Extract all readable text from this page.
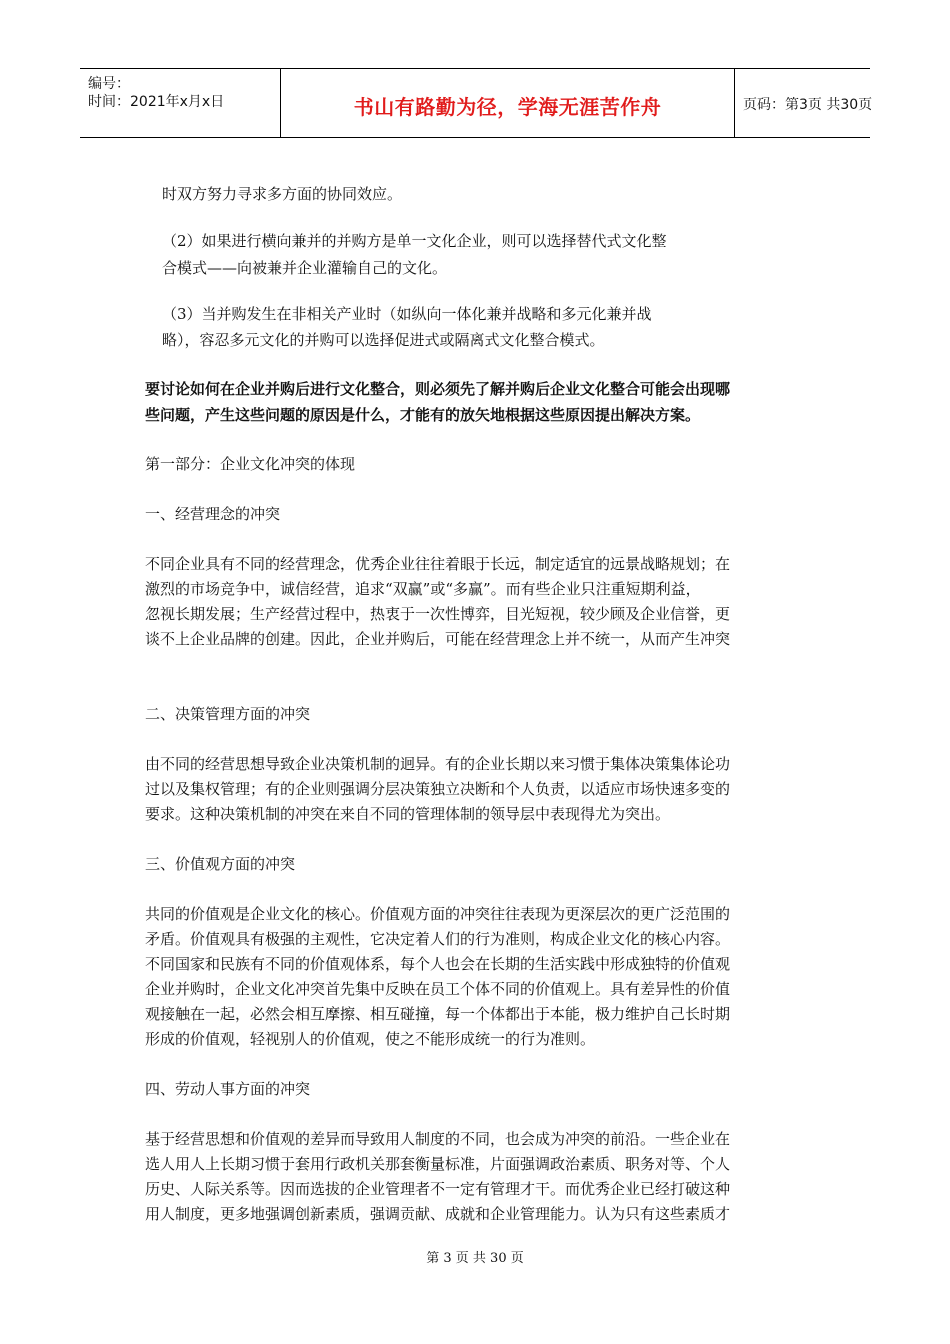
编号：
时间：2021年x月x日	书山有路勤为径，学海无涯苦作舟	页码：第3页 共30页
时双方努力寻求多方面的协同效应。
（2）如果进行横向兼并的并购方是单一文化企业，则可以选择替代式文化整
合模式——向被兼并企业灌输自己的文化。
（3）当并购发生在非相关产业时（如纵向一体化兼并战略和多元化兼并战
略），容忍多元文化的并购可以选择促进式或隔离式文化整合模式。
要讨论如何在企业并购后进行文化整合，则必须先了解并购后企业文化整合可能会出现哪
些问题，产生这些问题的原因是什么，才能有的放矢地根据这些原因提出解决方案。
第一部分：企业文化冲突的体现
一、经营理念的冲突
不同企业具有不同的经营理念，优秀企业往往着眼于长远，制定适宜的远景战略规划；在
激烈的市场竞争中，诚信经营，追求“双赢”或“多赢”。而有些企业只注重短期利益，
忽视长期发展；生产经营过程中，热衷于一次性博弈，目光短视，较少顾及企业信誉，更
谈不上企业品牌的创建。因此，企业并购后，可能在经营理念上并不统一，从而产生冲突
二、决策管理方面的冲突
由不同的经营思想导致企业决策机制的迥异。有的企业长期以来习惯于集体决策集体论功
过以及集权管理；有的企业则强调分层决策独立决断和个人负责，以适应市场快速多变的
要求。这种决策机制的冲突在来自不同的管理体制的领导层中表现得尤为突出。
三、价值观方面的冲突
共同的价值观是企业文化的核心。价值观方面的冲突往往表现为更深层次的更广泛范围的
矛盾。价值观具有极强的主观性，它决定着人们的行为准则，构成企业文化的核心内容。
不同国家和民族有不同的价值观体系，每个人也会在长期的生活实践中形成独特的价值观
企业并购时，企业文化冲突首先集中反映在员工个体不同的价值观上。具有差异性的价值
观接触在一起，必然会相互摩擦、相互碰撞，每一个体都出于本能，极力维护自己长时期
形成的价值观，轻视别人的价值观，使之不能形成统一的行为准则。
四、劳动人事方面的冲突
基于经营思想和价值观的差异而导致用人制度的不同，也会成为冲突的前沿。一些企业在
选人用人上长期习惯于套用行政机关那套衡量标准，片面强调政治素质、职务对等、个人
历史、人际关系等。因而选拔的企业管理者不一定有管理才干。而优秀企业已经打破这种
用人制度，更多地强调创新素质，强调贡献、成就和企业管理能力。认为只有这些素质才
第 3 页 共 30 页
